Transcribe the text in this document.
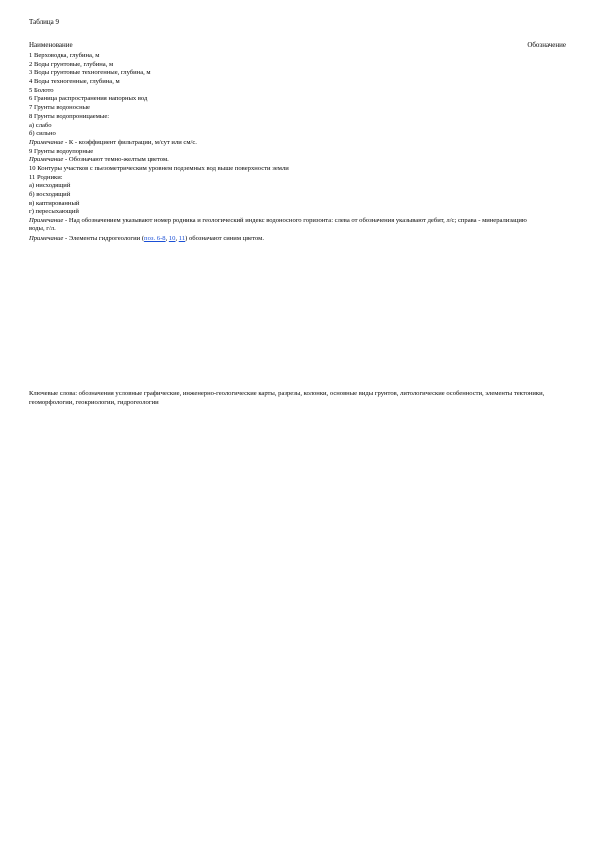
Таблица 9
Наименование	Обозначение
1 Верховодка, глубина, м
2 Воды грунтовые, глубина, м
3 Воды грунтовые техногенные, глубина, м
4 Воды техногенные, глубина, м
5 Болото
6 Граница распространения напорных вод
7 Грунты водоносные
8 Грунты водопроницаемые:
а) слабо
б) сильно
Примечание - К - коэффициент фильтрации, м/сут или см/с.
9 Грунты водоупорные
Примечание - Обозначают темно-желтым цветом.
10 Контуры участков с пьезометрическим уровнем подземных вод выше поверхности земли
11 Родники:
а) нисходящий
б) восходящий
в) каптированный
г) пересыхающий
Примечание - Над обозначением указывают номер родника и геологический индекс водоносного горизонта: слева от обозначения указывают дебит, л/с; справа - минерализацию воды, г/л.
Примечание - Элементы гидрогеологии (поз. 6-8, 10, 11) обозначают синим цветом.
Ключевые слова: обозначения условные графические, инженерно-геологические карты, разрезы, колонки, основные виды грунтов, литологические особенности, элементы тектоники, геоморфологии, геокриологии, гидрогеологии
